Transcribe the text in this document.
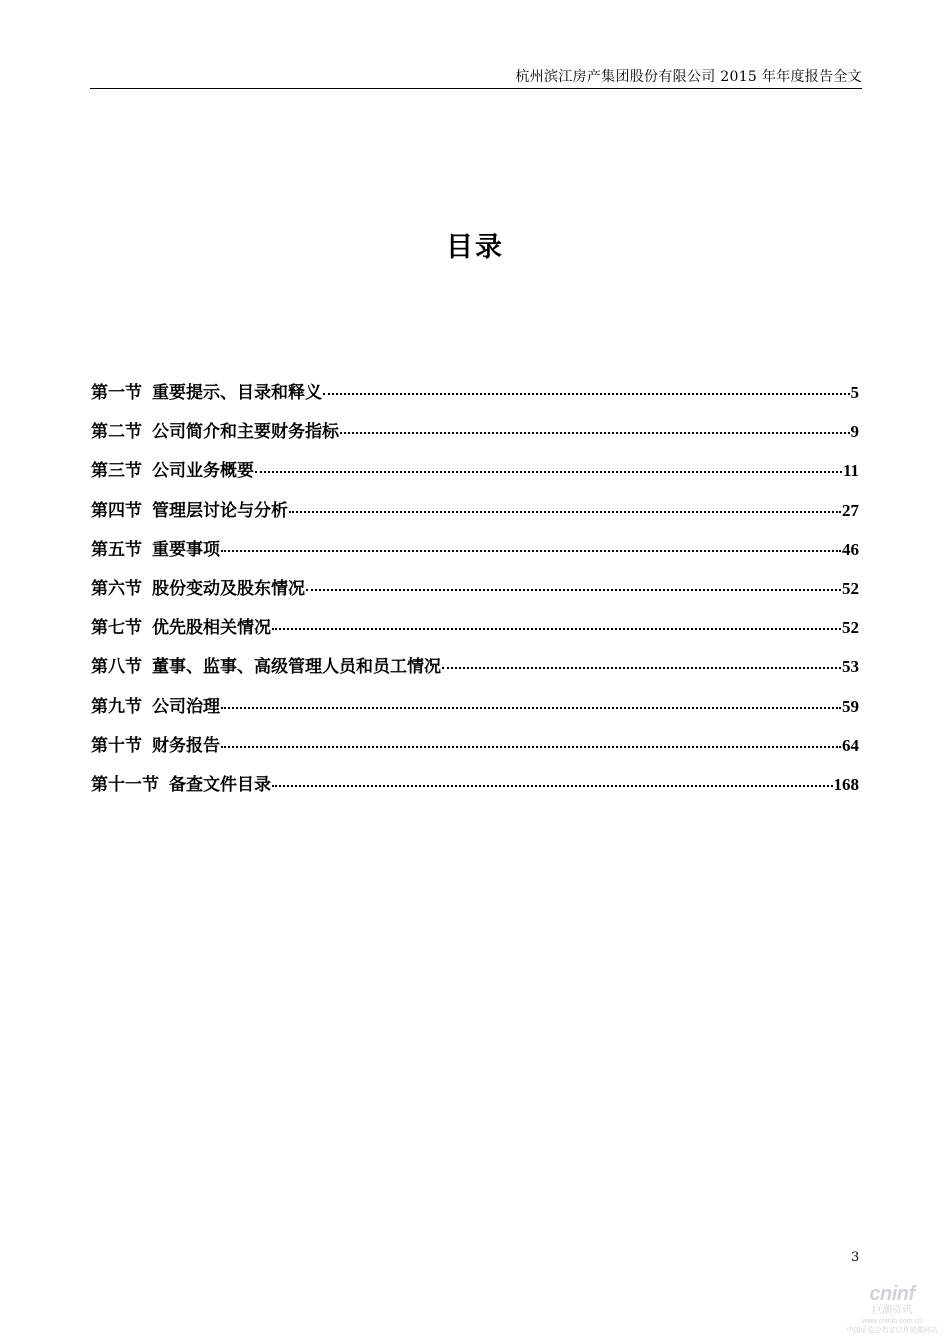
杭州滨江房产集团股份有限公司 2015 年年度报告全文
目录
第一节 重要提示、目录和释义	5
第二节 公司简介和主要财务指标	9
第三节 公司业务概要	11
第四节 管理层讨论与分析	27
第五节 重要事项	46
第六节 股份变动及股东情况	52
第七节 优先股相关情况	52
第八节 董事、监事、高级管理人员和员工情况	53
第九节 公司治理	59
第十节 财务报告	64
第十一节 备查文件目录	168
3
cninf
巨潮资讯
www.cninfo.com.cn
中国证监会指定信息披露网站
